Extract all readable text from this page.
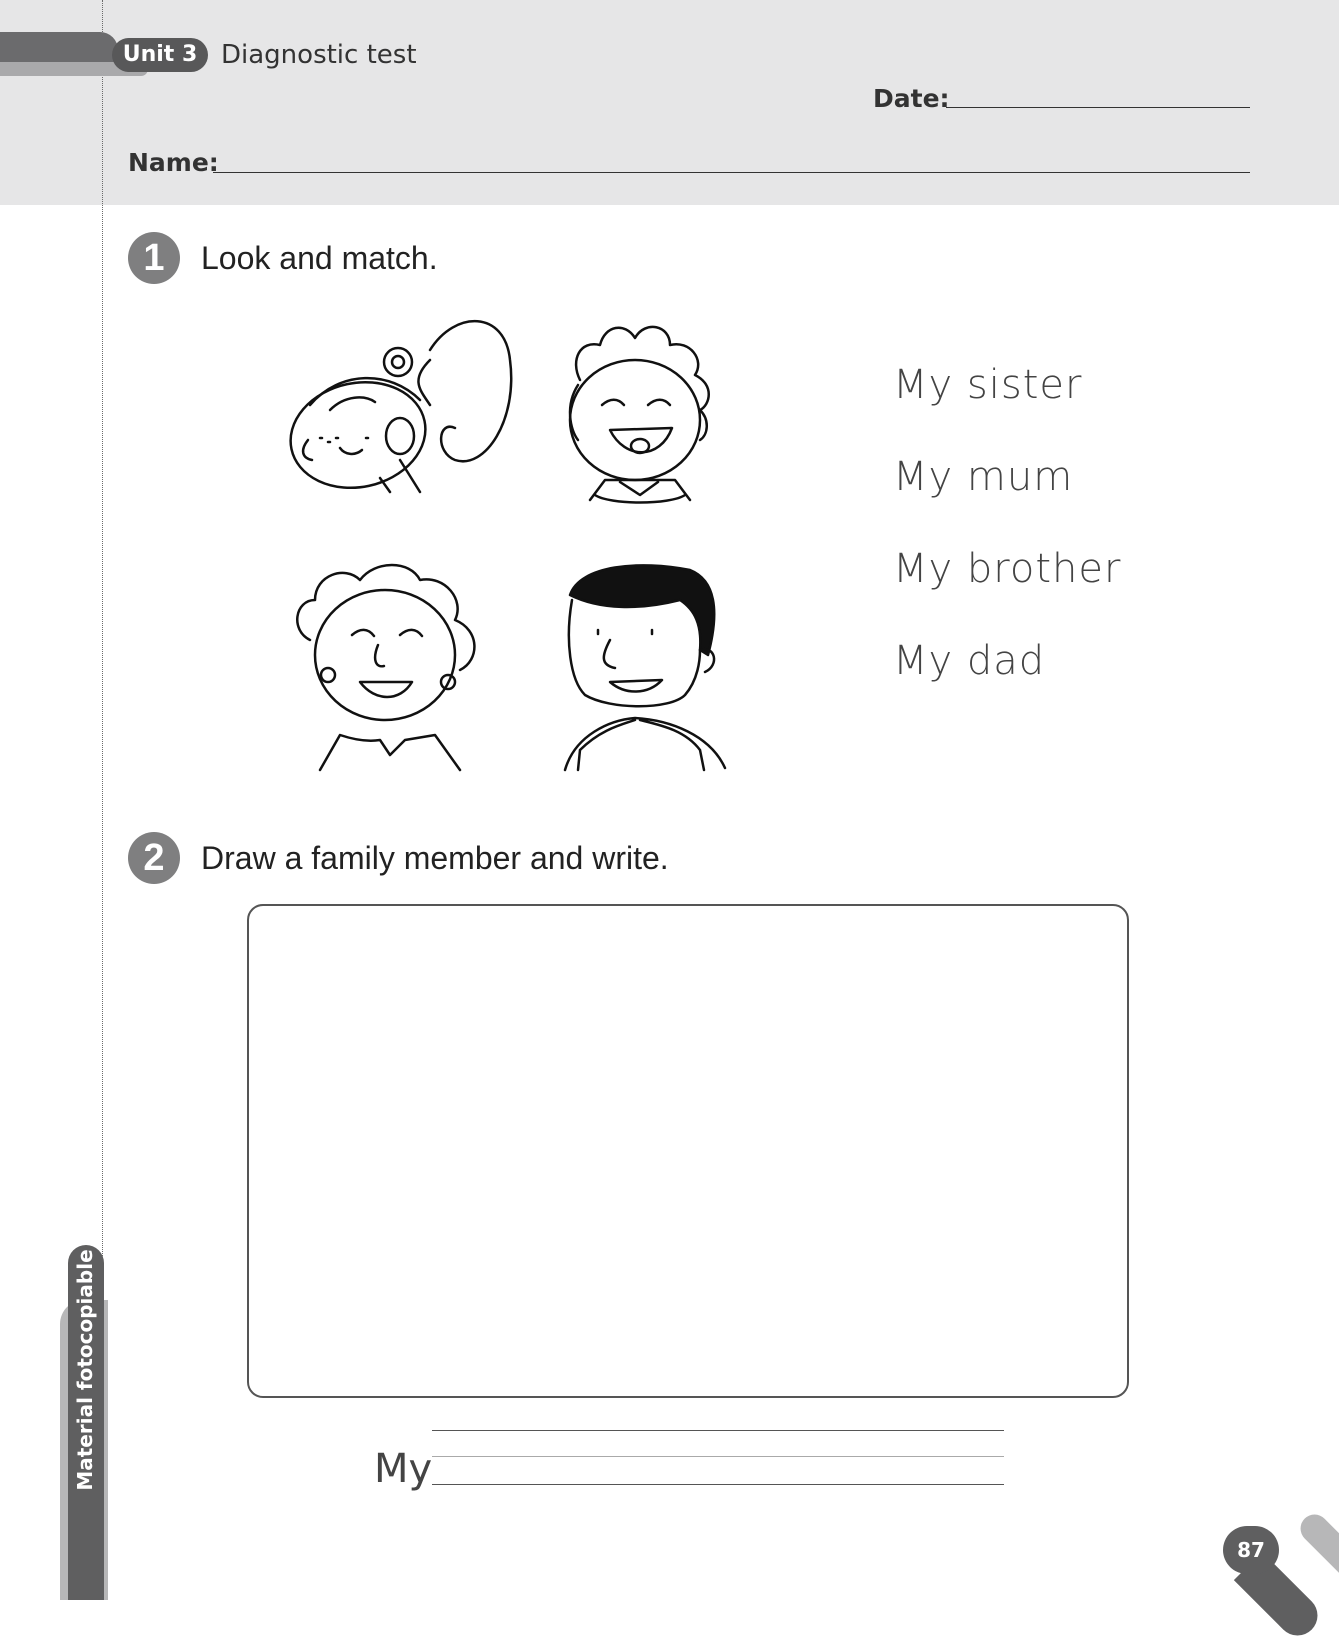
Unit 3 Diagnostic test
Date:
Name:
1	Look and match.
My sister
My mum
My brother
My dad
2	Draw a family member and write.
My
Material fotocopiable
87
